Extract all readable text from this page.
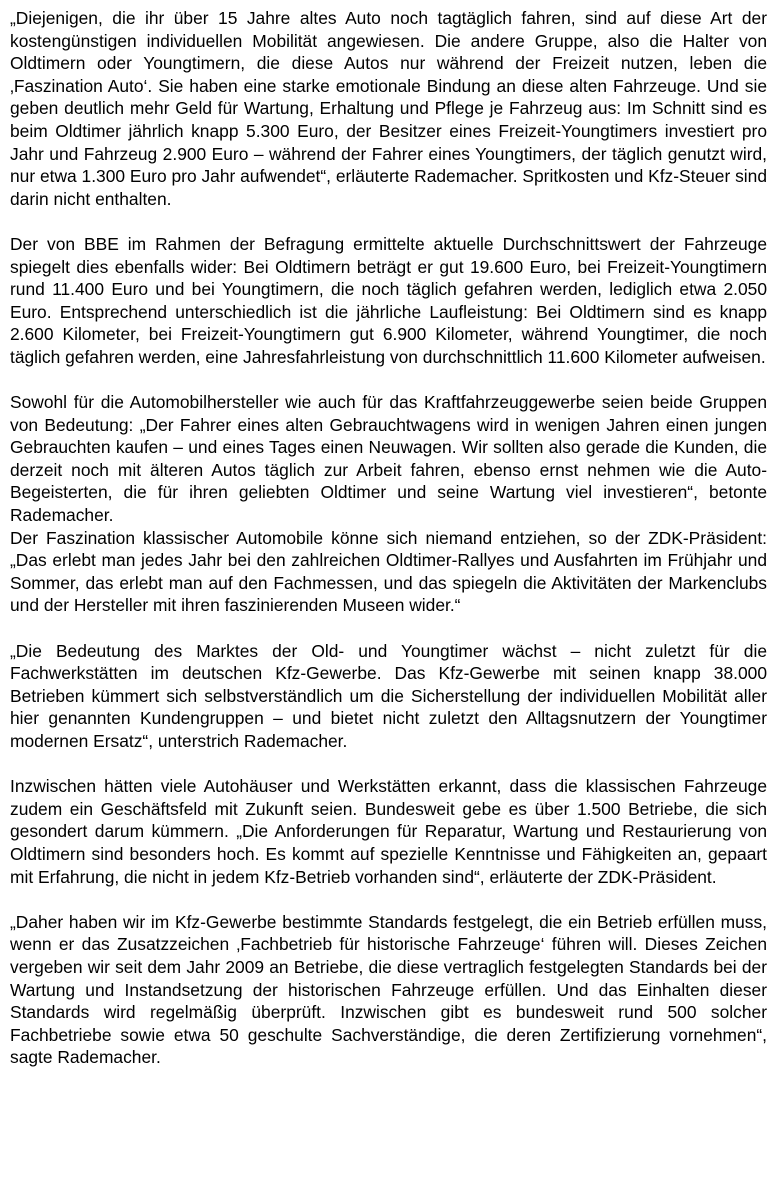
„Diejenigen, die ihr über 15 Jahre altes Auto noch tagtäglich fahren, sind auf diese Art der kostengünstigen individuellen Mobilität angewiesen. Die andere Gruppe, also die Halter von Oldtimern oder Youngtimern, die diese Autos nur während der Freizeit nutzen, leben die ‚Faszination Auto‘. Sie haben eine starke emotionale Bindung an diese alten Fahrzeuge. Und sie geben deutlich mehr Geld für Wartung, Erhaltung und Pflege je Fahrzeug aus: Im Schnitt sind es beim Oldtimer jährlich knapp 5.300 Euro, der Besitzer eines Freizeit-Youngtimers investiert pro Jahr und Fahrzeug 2.900 Euro – während der Fahrer eines Youngtimers, der täglich genutzt wird, nur etwa 1.300 Euro pro Jahr aufwendet“, erläuterte Rademacher. Spritkosten und Kfz-Steuer sind darin nicht enthalten.

Der von BBE im Rahmen der Befragung ermittelte aktuelle Durchschnittswert der Fahrzeuge spiegelt dies ebenfalls wider: Bei Oldtimern beträgt er gut 19.600 Euro, bei Freizeit-Youngtimern rund 11.400 Euro und bei Youngtimern, die noch täglich gefahren werden, lediglich etwa 2.050 Euro. Entsprechend unterschiedlich ist die jährliche Laufleistung: Bei Oldtimern sind es knapp 2.600 Kilometer, bei Freizeit-Youngtimern gut 6.900 Kilometer, während Youngtimer, die noch täglich gefahren werden, eine Jahresfahrleistung von durchschnittlich 11.600 Kilometer aufweisen.

Sowohl für die Automobilhersteller wie auch für das Kraftfahrzeuggewerbe seien beide Gruppen von Bedeutung: „Der Fahrer eines alten Gebrauchtwagens wird in wenigen Jahren einen jungen Gebrauchten kaufen – und eines Tages einen Neuwagen. Wir sollten also gerade die Kunden, die derzeit noch mit älteren Autos täglich zur Arbeit fahren, ebenso ernst nehmen wie die Auto-Begeisterten, die für ihren geliebten Oldtimer und seine Wartung viel investieren“, betonte Rademacher.

Der Faszination klassischer Automobile könne sich niemand entziehen, so der ZDK-Präsident: „Das erlebt man jedes Jahr bei den zahlreichen Oldtimer-Rallyes und Ausfahrten im Frühjahr und Sommer, das erlebt man auf den Fachmessen, und das spiegeln die Aktivitäten der Markenclubs und der Hersteller mit ihren faszinierenden Museen wider.“

„Die Bedeutung des Marktes der Old- und Youngtimer wächst – nicht zuletzt für die Fachwerkstätten im deutschen Kfz-Gewerbe. Das Kfz-Gewerbe mit seinen knapp 38.000 Betrieben kümmert sich selbstverständlich um die Sicherstellung der individuellen Mobilität aller hier genannten Kundengruppen – und bietet nicht zuletzt den Alltagsnutzern der Youngtimer modernen Ersatz“, unterstrich Rademacher.

Inzwischen hätten viele Autohäuser und Werkstätten erkannt, dass die klassischen Fahrzeuge zudem ein Geschäftsfeld mit Zukunft seien. Bundesweit gebe es über 1.500 Betriebe, die sich gesondert darum kümmern. „Die Anforderungen für Reparatur, Wartung und Restaurierung von Oldtimern sind besonders hoch. Es kommt auf spezielle Kenntnisse und Fähigkeiten an, gepaart mit Erfahrung, die nicht in jedem Kfz-Betrieb vorhanden sind“, erläuterte der ZDK-Präsident.

„Daher haben wir im Kfz-Gewerbe bestimmte Standards festgelegt, die ein Betrieb erfüllen muss, wenn er das Zusatzzeichen ‚Fachbetrieb für historische Fahrzeuge‘ führen will. Dieses Zeichen vergeben wir seit dem Jahr 2009 an Betriebe, die diese vertraglich festgelegten Standards bei der Wartung und Instandsetzung der historischen Fahrzeuge erfüllen. Und das Einhalten dieser Standards wird regelmäßig überprüft. Inzwischen gibt es bundesweit rund 500 solcher Fachbetriebe sowie etwa 50 geschulte Sachverständige, die deren Zertifizierung vornehmen“, sagte Rademacher.
